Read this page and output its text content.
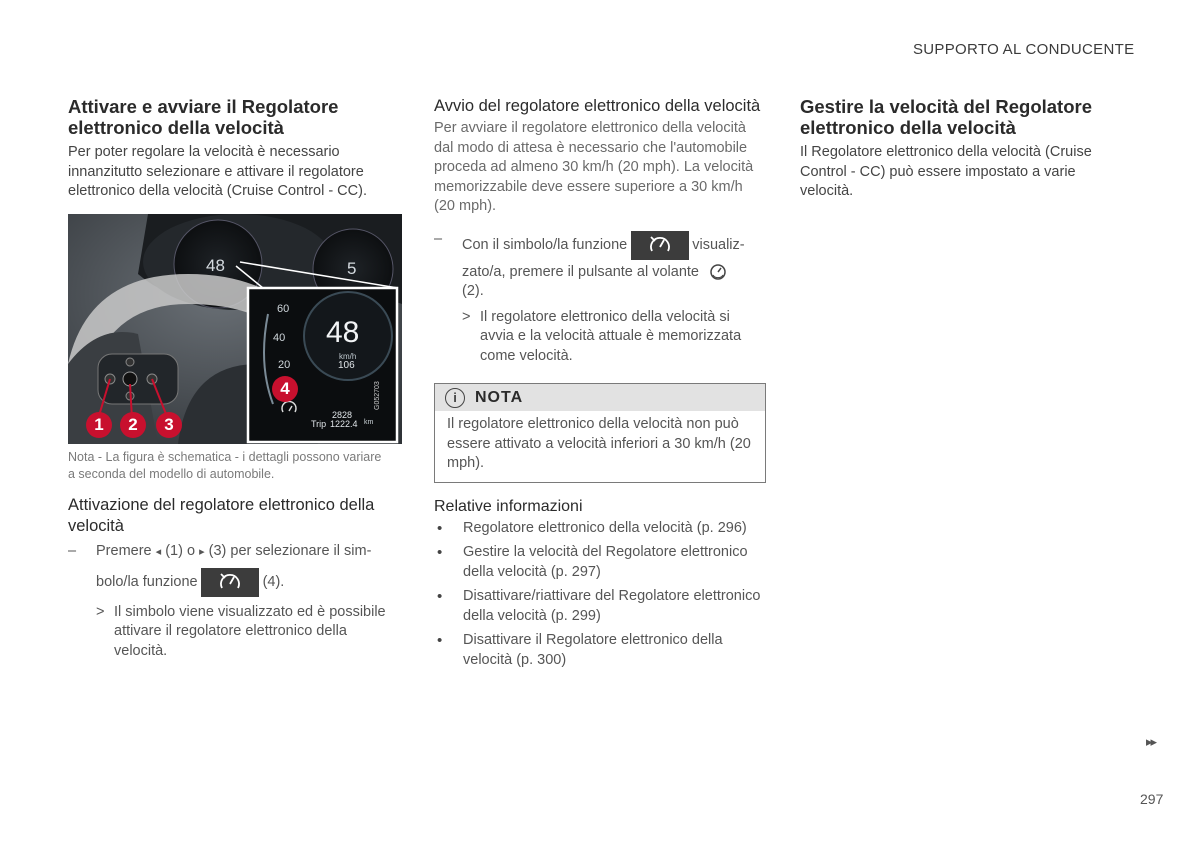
SUPPORTO AL CONDUCENTE
Attivare e avviare il Regolatore elettronico della velocità

Per poter regolare la velocità è necessario innanzitutto selezionare e attivare il regolatore elettronico della velocità (Cruise Control - CC).

48	5
60
40
20
48
km/h
106
2828
Trip 1222.4 km
G052703
1	2	3
4
Nota - La figura è schematica - i dettagli possono variare a seconda del modello di automobile.
Attivazione del regolatore elettronico della velocità
–	Premere ◂ (1) o ▸ (3) per selezionare il sim-
bolo/la funzione	(4).
> Il simbolo viene visualizzato ed è possibile attivare il regolatore elettronico della velocità.
Avvio del regolatore elettronico della velocità

Per avviare il regolatore elettronico della velocità dal modo di attesa è necessario che l'automobile proceda ad almeno 30 km/h (20 mph). La velocità memorizzabile deve essere superiore a 30 km/h (20 mph).

–	Con il simbolo/la funzione	visualiz-
zato/a, premere il pulsante al volante
(2).
> Il regolatore elettronico della velocità si avvia e la velocità attuale è memorizzata come velocità.
i	NOTA
Il regolatore elettronico della velocità non può essere attivato a velocità inferiori a 30 km/h (20 mph).
Relative informazioni
• Regolatore elettronico della velocità (p. 296)
• Gestire la velocità del Regolatore elettronico della velocità (p. 297)
• Disattivare/riattivare del Regolatore elettronico della velocità (p. 299)
• Disattivare il Regolatore elettronico della velocità (p. 300)
Gestire la velocità del Regolatore elettronico della velocità

Il Regolatore elettronico della velocità (Cruise Control - CC) può essere impostato a varie velocità.

▸▸
297
